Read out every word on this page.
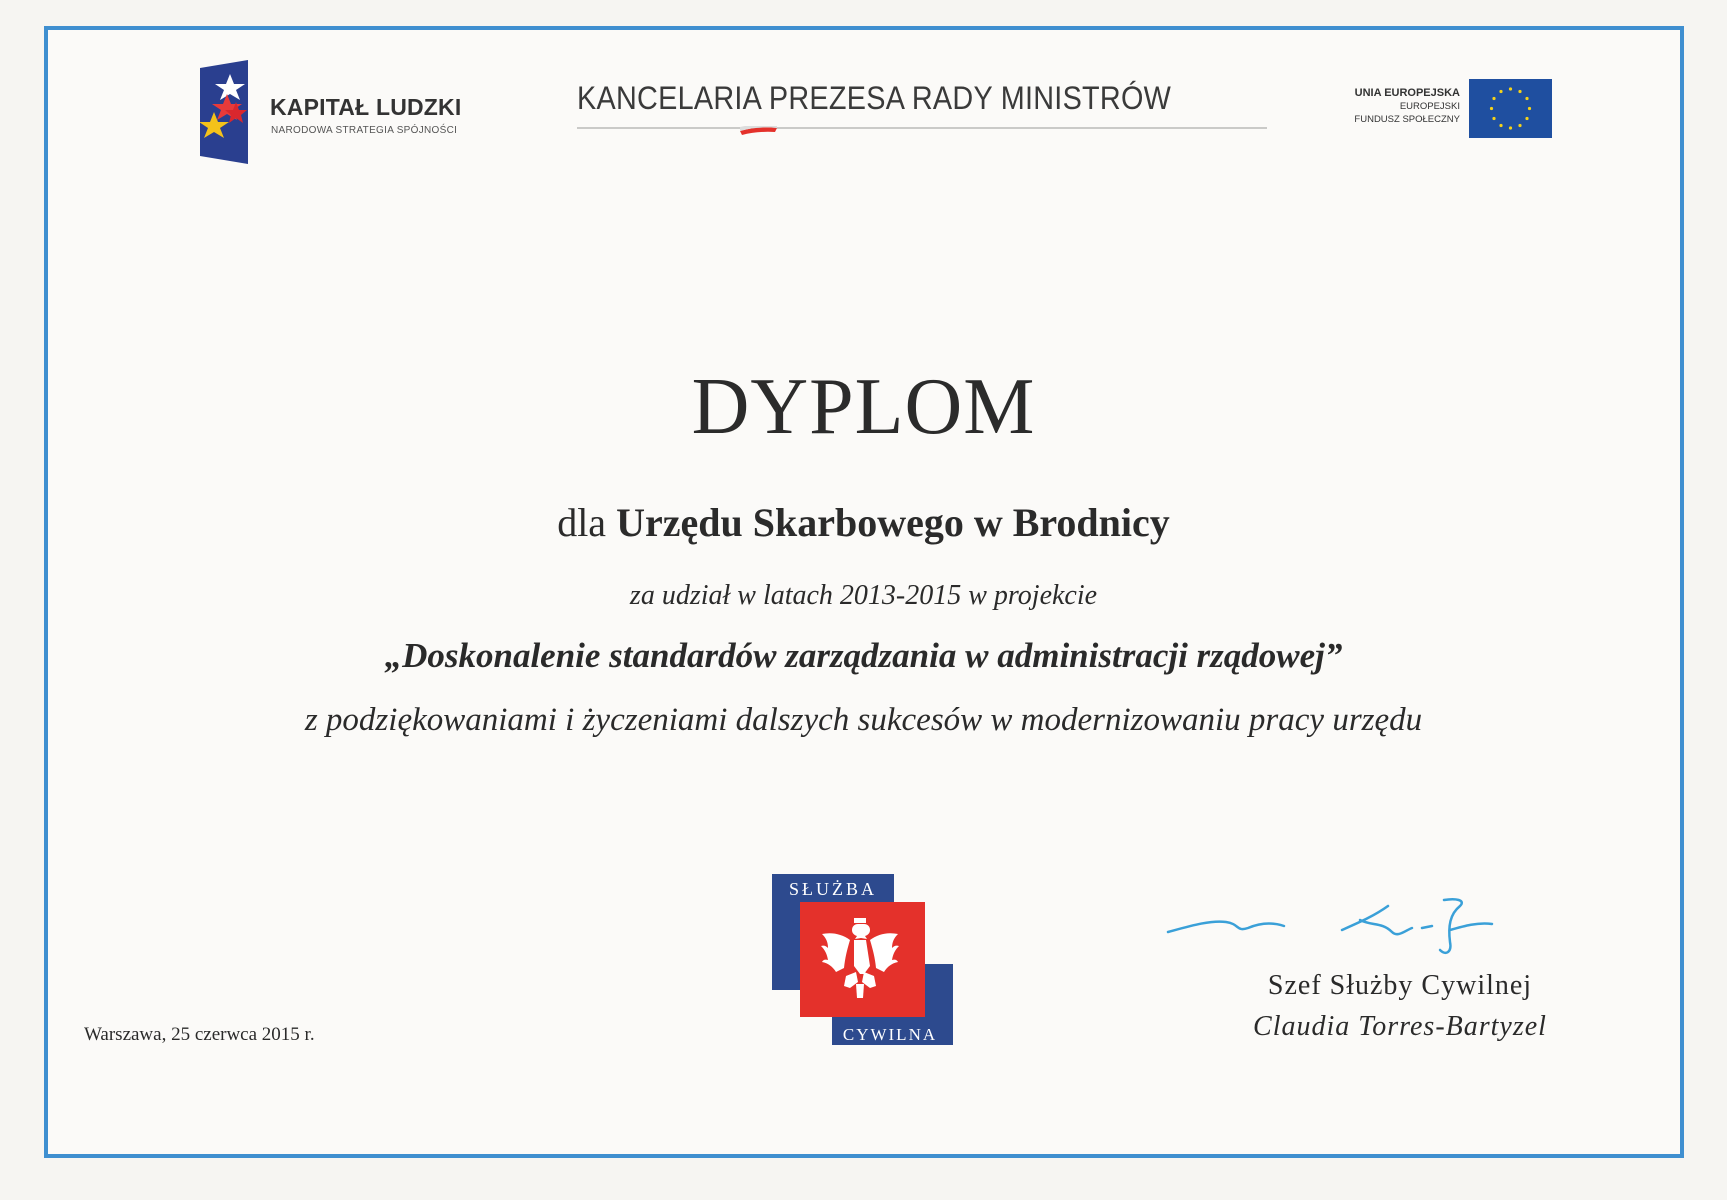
KAPITAŁ LUDZKI
NARODOWA STRATEGIA SPÓJNOŚCI
KANCELARIA PREZESA RADY MINISTRÓW	UNIA EUROPEJSKA
EUROPEJSKI
FUNDUSZ SPOŁECZNY
DYPLOM
dla Urzędu Skarbowego w Brodnicy
za udział w latach 2013-2015 w projekcie
„Doskonalenie standardów zarządzania w administracji rządowej”
z podziękowaniami i życzeniami dalszych sukcesów w modernizowaniu pracy urzędu
SŁUŻBA
CYWILNA
Warszawa, 25 czerwca 2015 r.
Szef Służby Cywilnej
Claudia Torres-Bartyzel
